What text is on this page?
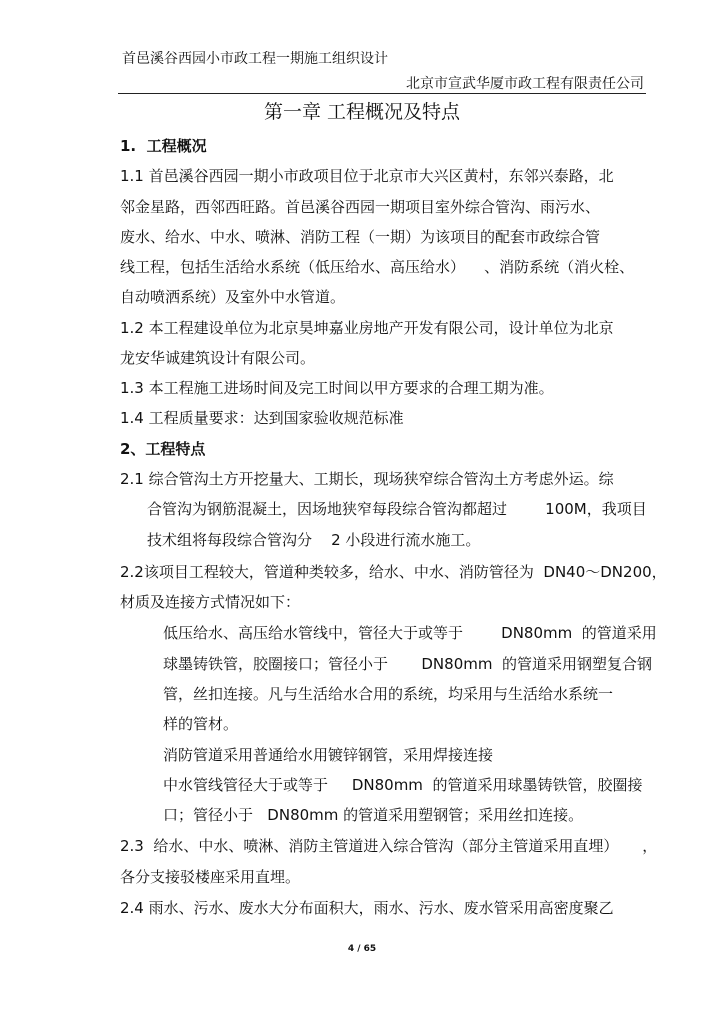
首邑溪谷西园小市政工程一期施工组织设计
北京市宣武华厦市政工程有限责任公司
第一章 工程概况及特点

1.  工程概况

1.1 首邑溪谷西园一期小市政项目位于北京市大兴区黄村，东邻兴泰路，北

邻金星路，西邻西旺路。首邑溪谷西园一期项目室外综合管沟、雨污水、

废水、给水、中水、喷淋、消防工程（一期）为该项目的配套市政综合管

线工程，包括生活给水系统（低压给水、高压给水）    、消防系统（消火栓、

自动喷洒系统）及室外中水管道。

1.2 本工程建设单位为北京昊坤嘉业房地产开发有限公司，设计单位为北京

龙安华诚建筑设计有限公司。

1.3 本工程施工进场时间及完工时间以甲方要求的合理工期为准。

1.4 工程质量要求：达到国家验收规范标准

2、工程特点

2.1 综合管沟土方开挖量大、工期长，现场狭窄综合管沟土方考虑外运。综

合管沟为钢筋混凝土，因场地狭窄每段综合管沟都超过        100M，我项目

技术组将每段综合管沟分    2 小段进行流水施工。

2.2该项目工程较大，管道种类较多，给水、中水、消防管径为  DN40～DN200，

材质及连接方式情况如下：

低压给水、高压给水管线中，管径大于或等于        DN80mm  的管道采用

球墨铸铁管，胶圈接口；管径小于       DN80mm  的管道采用钢塑复合钢

管，丝扣连接。凡与生活给水合用的系统，均采用与生活给水系统一

样的管材。

消防管道采用普通给水用镀锌钢管，采用焊接连接

中水管线管径大于或等于     DN80mm  的管道采用球墨铸铁管，胶圈接

口；管径小于   DN80mm 的管道采用塑钢管；采用丝扣连接。

2.3  给水、中水、喷淋、消防主管道进入综合管沟（部分主管道采用直埋）     ，

各分支接驳楼座采用直埋。

2.4 雨水、污水、废水大分布面积大，雨水、污水、废水管采用高密度聚乙

4 / 65
